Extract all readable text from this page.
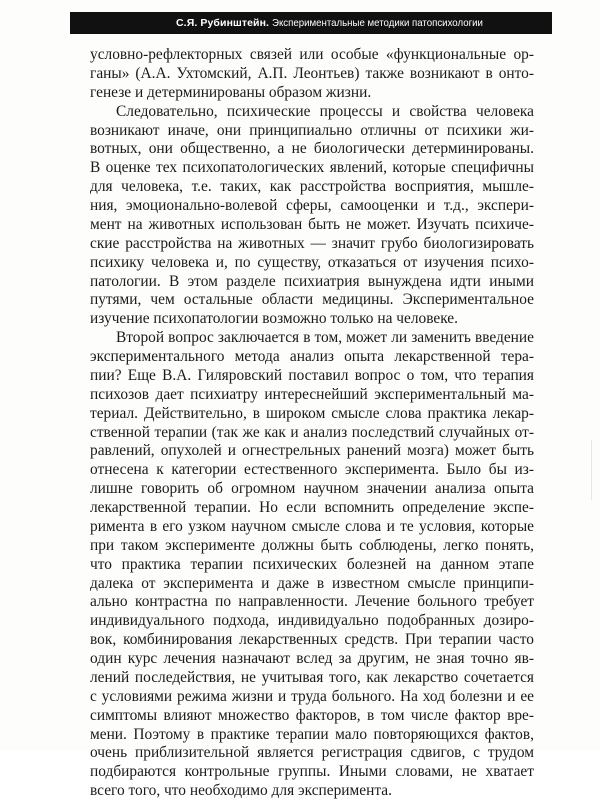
С.Я. Рубинштейн. Экспериментальные методики патопсихологии
условно-рефлекторных связей или особые «функциональные ор-
ганы» (А.А. Ухтомский, А.П. Леонтьев) также возникают в онто-
генезе и детерминированы образом жизни.
Следовательно, психические процессы и свойства человека
возникают иначе, они принципиально отличны от психики жи-
вотных, они общественно, а не биологически детерминированы.
В оценке тех психопатологических явлений, которые специфичны
для человека, т.е. таких, как расстройства восприятия, мышле-
ния, эмоционально-волевой сферы, самооценки и т.д., экспери-
мент на животных использован быть не может. Изучать психиче-
ские расстройства на животных — значит грубо биологизировать
психику человека и, по существу, отказаться от изучения психо-
патологии. В этом разделе психиатрия вынуждена идти иными
путями, чем остальные области медицины. Экспериментальное
изучение психопатологии возможно только на человеке.
Второй вопрос заключается в том, может ли заменить введение
экспериментального метода анализ опыта лекарственной тера-
пии? Еще В.А. Гиляровский поставил вопрос о том, что терапия
психозов дает психиатру интереснейший экспериментальный ма-
териал. Действительно, в широком смысле слова практика лекар-
ственной терапии (так же как и анализ последствий случайных от-
равлений, опухолей и огнестрельных ранений мозга) может быть
отнесена к категории естественного эксперимента. Было бы из-
лишне говорить об огромном научном значении анализа опыта
лекарственной терапии. Но если вспомнить определение экспе-
римента в его узком научном смысле слова и те условия, которые
при таком эксперименте должны быть соблюдены, легко понять,
что практика терапии психических болезней на данном этапе
далека от эксперимента и даже в известном смысле принципи-
ально контрастна по направленности. Лечение больного требует
индивидуального подхода, индивидуально подобранных дозиро-
вок, комбинирования лекарственных средств. При терапии часто
один курс лечения назначают вслед за другим, не зная точно яв-
лений последействия, не учитывая того, как лекарство сочетается
с условиями режима жизни и труда больного. На ход болезни и ее
симптомы влияют множество факторов, в том числе фактор вре-
мени. Поэтому в практике терапии мало повторяющихся фактов,
очень приблизительной является регистрация сдвигов, с трудом
подбираются контрольные группы. Иными словами, не хватает
всего того, что необходимо для эксперимента.
